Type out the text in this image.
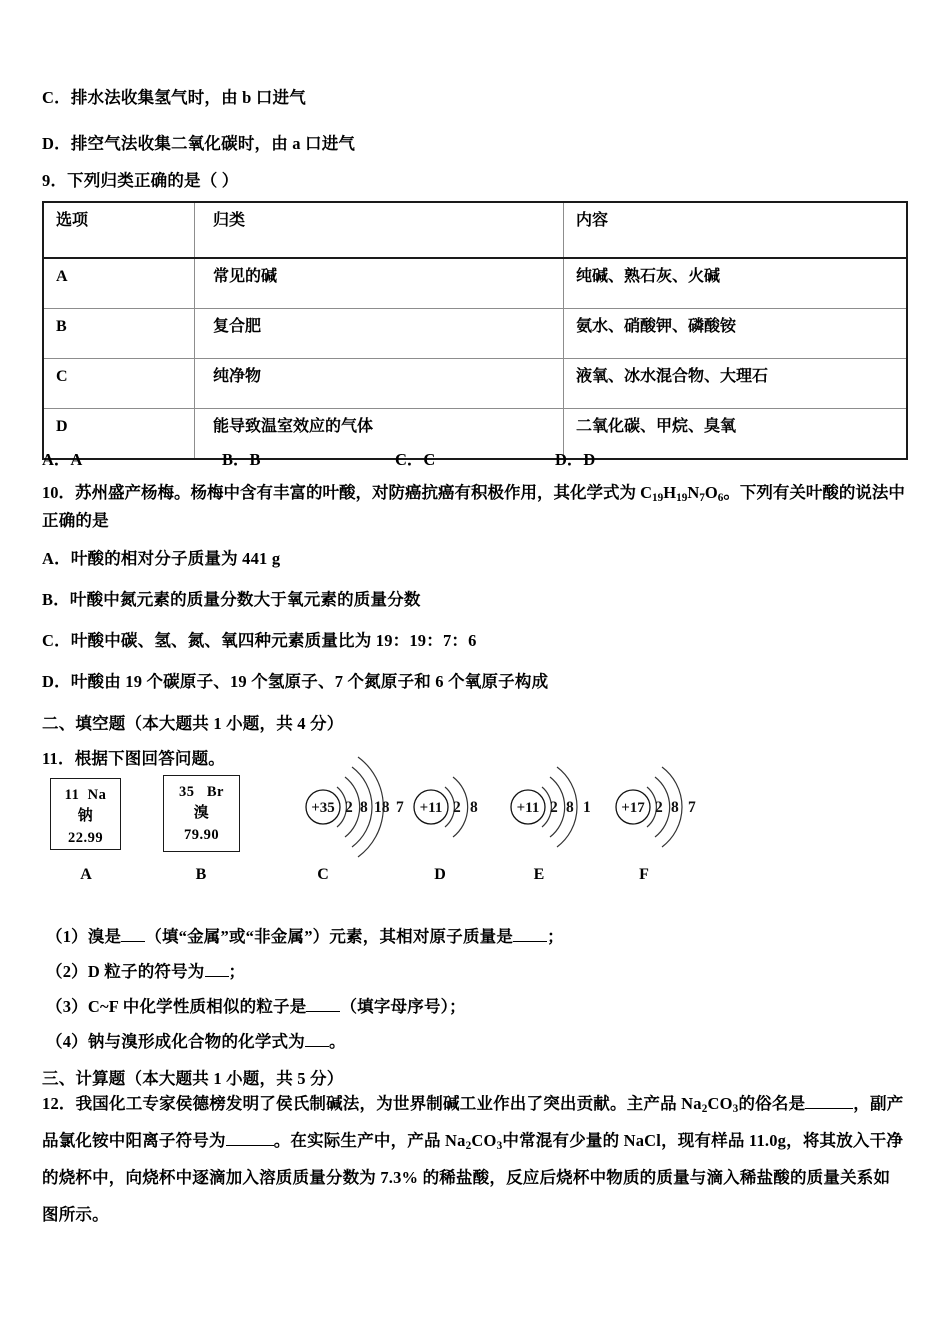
C．排水法收集氢气时，由 b 口进气
D．排空气法收集二氧化碳时，由 a 口进气
9．下列归类正确的是（ ）
选项	归类	内容
A	常见的碱	纯碱、熟石灰、火碱
B	复合肥	氨水、硝酸钾、磷酸铵
C	纯净物	液氧、冰水混合物、大理石
D	能导致温室效应的气体	二氧化碳、甲烷、臭氧
A．A	B．B	C．C	D．D
10．苏州盛产杨梅。杨梅中含有丰富的叶酸，对防癌抗癌有积极作用，其化学式为 $C_{19}H_{19}N_7O_6$。下列有关叶酸的说法中
正确的是
A．叶酸的相对分子质量为 441 g
B．叶酸中氮元素的质量分数大于氧元素的质量分数
C．叶酸中碳、氢、氮、氧四种元素质量比为 19：19：7：6
D．叶酸由 19 个碳原子、19 个氢原子、7 个氮原子和 6 个氧原子构成
二、填空题（本大题共 1 小题，共 4 分）
11．根据下图回答问题。
11 Na
钠
22.99
A
35 Br
溴
79.90
B
+35 2 8 18 7
C
+11 2 8
D
+11 2 8 1
E
+17 2 8 7
F
（1）溴是 （填“金属”或“非金属”）元素，其相对原子质量是 ；
（2）D 粒子的符号为 ；
（3）C~F 中化学性质相似的粒子是 （填字母序号）；
（4）钠与溴形成化合物的化学式为 。
三、计算题（本大题共 1 小题，共 5 分）
12．我国化工专家侯德榜发明了侯氏制碱法，为世界制碱工业作出了突出贡献。主产品 $Na_2CO_3$的俗名是	，副产
品氯化铵中阳离子符号为	。在实际生产中，产品 $Na_2CO_3$中常混有少量的 NaCl，现有样品 11.0g，将其放入干净
的烧杯中，向烧杯中逐滴加入溶质质量分数为 7.3% 的稀盐酸，反应后烧杯中物质的质量与滴入稀盐酸的质量关系如
图所示。
